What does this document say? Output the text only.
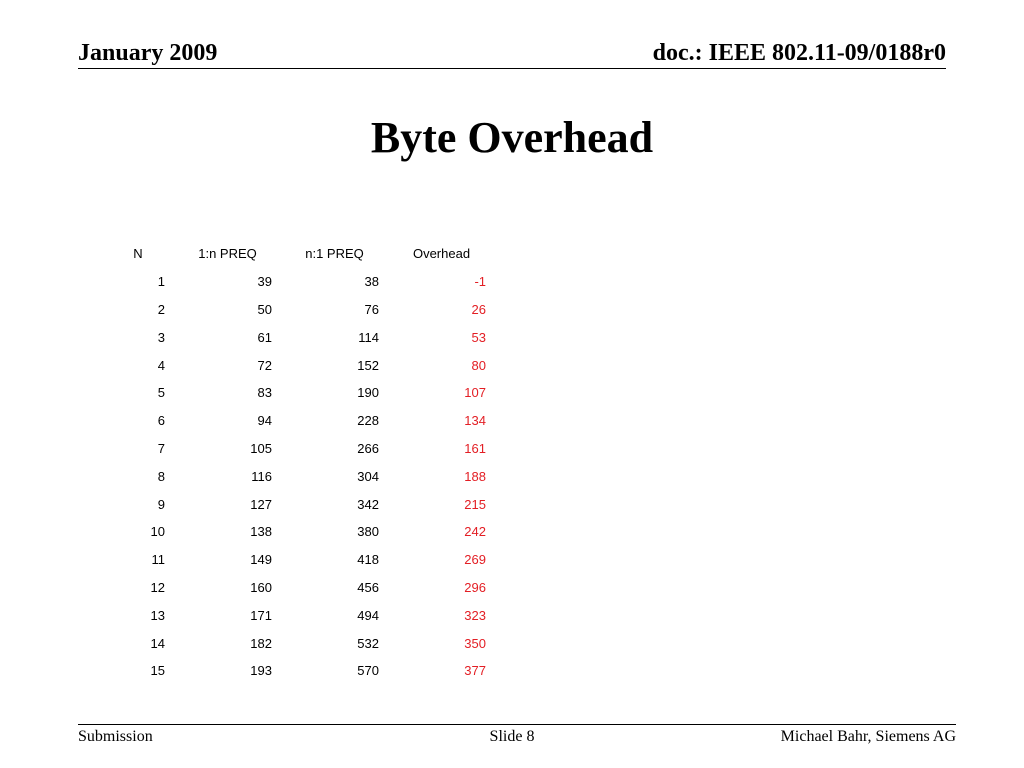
January 2009	doc.: IEEE 802.11-09/0188r0
Byte Overhead
N	1:n PREQ	n:1 PREQ	Overhead
1	39	38	-1
2	50	76	26
3	61	114	53
4	72	152	80
5	83	190	107
6	94	228	134
7	105	266	161
8	116	304	188
9	127	342	215
10	138	380	242
11	149	418	269
12	160	456	296
13	171	494	323
14	182	532	350
15	193	570	377
Submission	Slide 8	Michael Bahr, Siemens AG
